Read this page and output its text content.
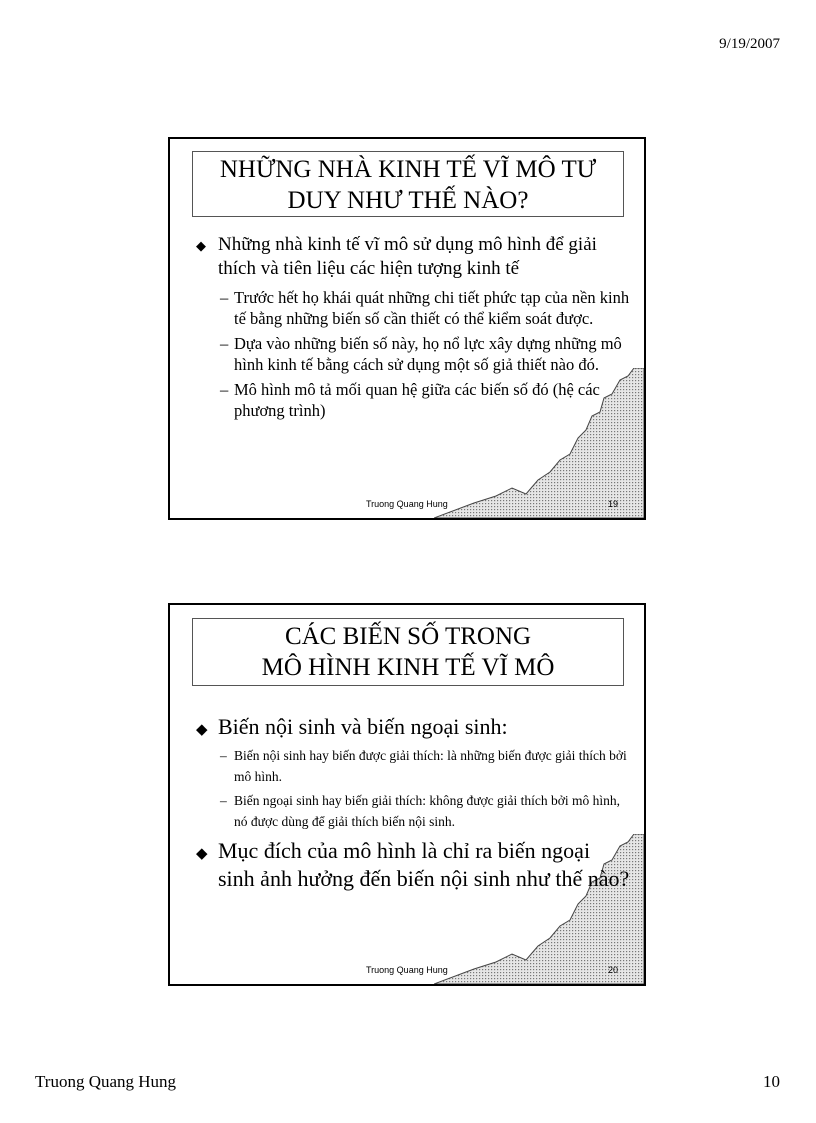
9/19/2007
NHỮNG NHÀ KINH TẾ VĨ MÔ TƯ
DUY NHƯ THẾ NÀO?

◆ Những nhà kinh tế vĩ mô sử dụng mô hình để giải thích và tiên liệu các hiện tượng kinh tế

– Trước hết họ khái quát những chi tiết phức tạp của nền kinh tế bằng những biến số cần thiết có thể kiểm soát được.

– Dựa vào những biến số này, họ nổ lực xây dựng những mô hình kinh tế bằng cách sử dụng một số giả thiết nào đó.

– Mô hình mô tả mối quan hệ giữa các biến số đó (hệ các phương trình)

Truong Quang Hung	19
CÁC BIẾN SỐ TRONG
MÔ HÌNH KINH TẾ VĨ MÔ

◆ Biến nội sinh và biến ngoại sinh:

– Biến nội sinh hay biến được giải thích: là những biến được giải thích bởi mô hình.

– Biến ngoại sinh hay biến giải thích: không được giải thích bởi mô hình, nó được dùng để giải thích biến nội sinh.

◆ Mục đích của mô hình là chỉ ra biến ngoại sinh ảnh hưởng đến biến nội sinh như thế nào?

Truong Quang Hung	20
Truong Quang Hung	10
